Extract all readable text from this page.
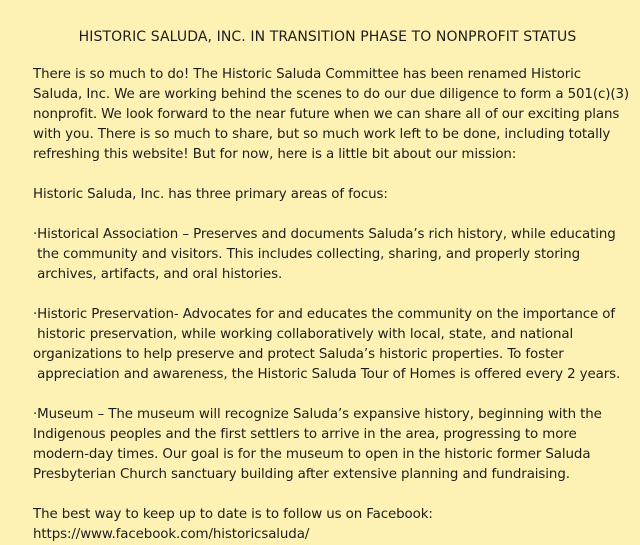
HISTORIC SALUDA, INC. IN TRANSITION PHASE TO NONPROFIT STATUS
There is so much to do! The Historic Saluda Committee has been renamed Historic
Saluda, Inc. We are working behind the scenes to do our due diligence to form a 501(c)(3)
nonprofit. We look forward to the near future when we can share all of our exciting plans
with you. There is so much to share, but so much work left to be done, including totally
refreshing this website! But for now, here is a little bit about our mission:
Historic Saluda, Inc. has three primary areas of focus:
·Historical Association – Preserves and documents Saluda’s rich history, while educating
the community and visitors. This includes collecting, sharing, and properly storing
archives, artifacts, and oral histories.
·Historic Preservation- Advocates for and educates the community on the importance of
historic preservation, while working collaboratively with local, state, and national
organizations to help preserve and protect Saluda’s historic properties. To foster
appreciation and awareness, the Historic Saluda Tour of Homes is offered every 2 years.
·Museum – The museum will recognize Saluda’s expansive history, beginning with the
Indigenous peoples and the first settlers to arrive in the area, progressing to more
modern-day times. Our goal is for the museum to open in the historic former Saluda
Presbyterian Church sanctuary building after extensive planning and fundraising.
The best way to keep up to date is to follow us on Facebook:
https://www.facebook.com/historicsaluda/
